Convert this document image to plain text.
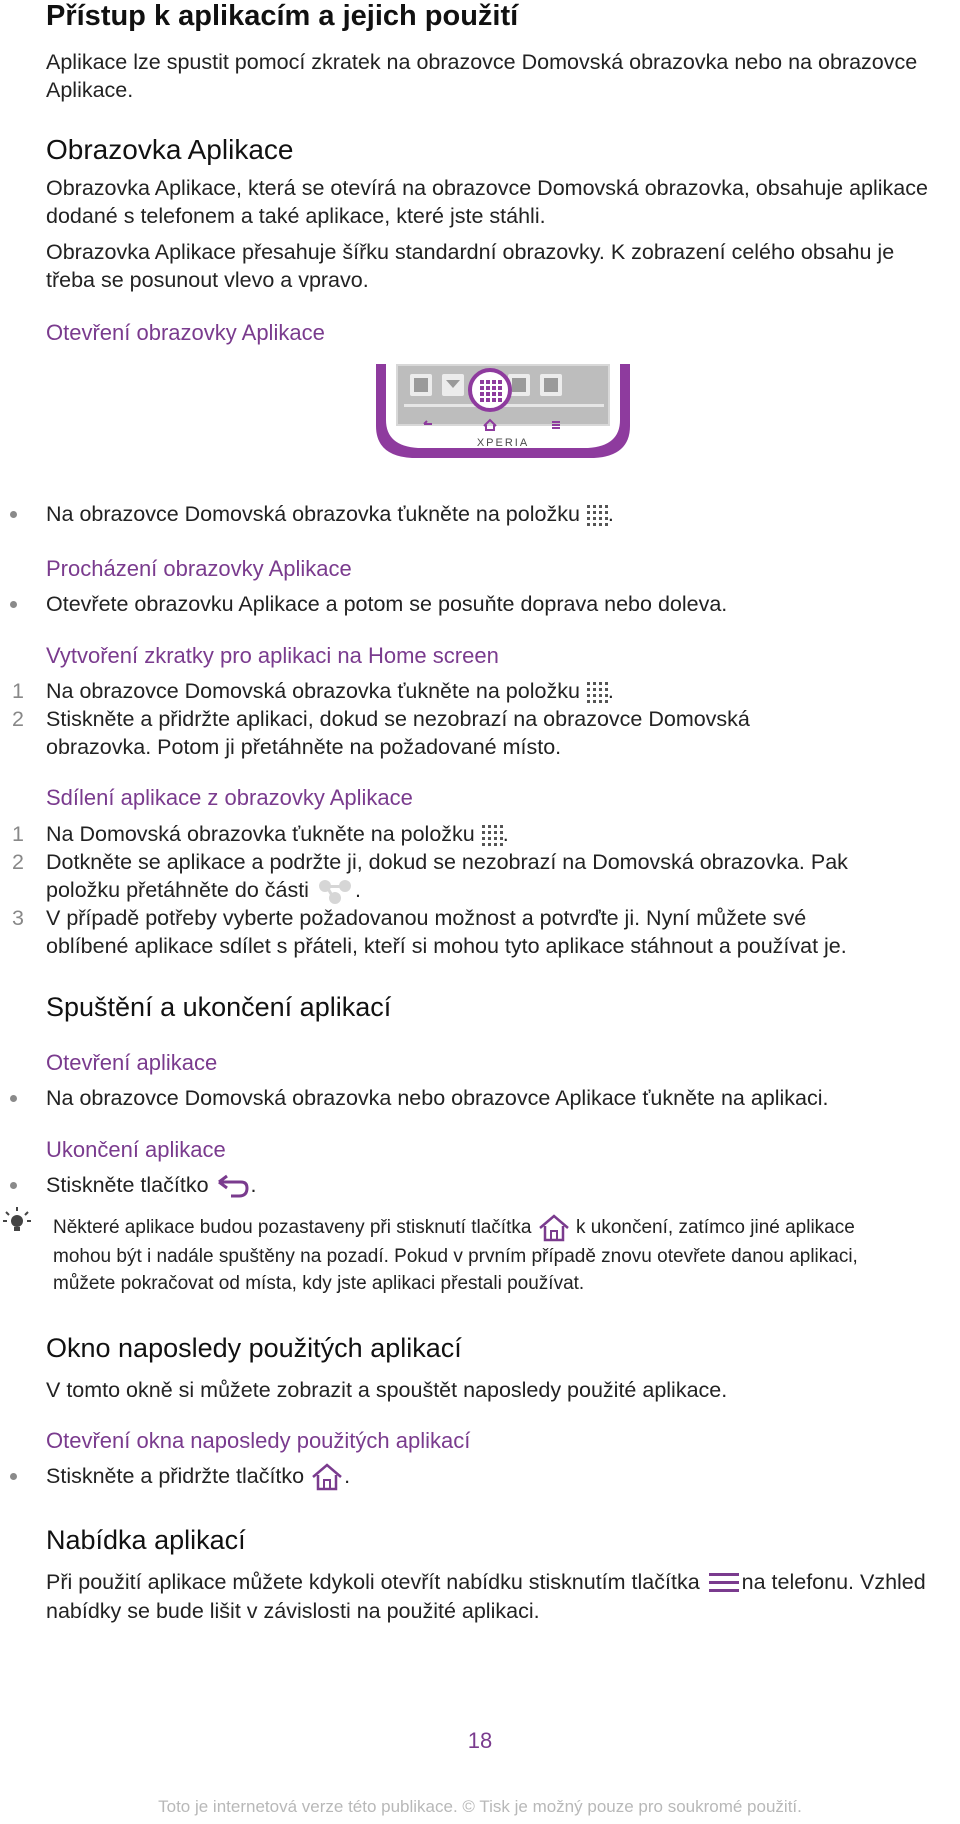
Přístup k aplikacím a jejich použití
Aplikace lze spustit pomocí zkratek na obrazovce Domovská obrazovka nebo na obrazovce Aplikace.
Obrazovka Aplikace
Obrazovka Aplikace, která se otevírá na obrazovce Domovská obrazovka, obsahuje aplikace dodané s telefonem a také aplikace, které jste stáhli.
Obrazovka Aplikace přesahuje šířku standardní obrazovky. K zobrazení celého obsahu je třeba se posunout vlevo a vpravo.
Otevření obrazovky Aplikace
XPERIA
Na obrazovce Domovská obrazovka ťukněte na položku .
Procházení obrazovky Aplikace
Otevřete obrazovku Aplikace a potom se posuňte doprava nebo doleva.
Vytvoření zkratky pro aplikaci na Home screen
1 Na obrazovce Domovská obrazovka ťukněte na položku .
2 Stiskněte a přidržte aplikaci, dokud se nezobrazí na obrazovce Domovská
obrazovka. Potom ji přetáhněte na požadované místo.
Sdílení aplikace z obrazovky Aplikace
1 Na Domovská obrazovka ťukněte na položku .
2 Dotkněte se aplikace a podržte ji, dokud se nezobrazí na Domovská obrazovka. Pak
položku přetáhněte do části .
3 V případě potřeby vyberte požadovanou možnost a potvrďte ji. Nyní můžete své
oblíbené aplikace sdílet s přáteli, kteří si mohou tyto aplikace stáhnout a používat je.
Spuštění a ukončení aplikací
Otevření aplikace
Na obrazovce Domovská obrazovka nebo obrazovce Aplikace ťukněte na aplikaci.
Ukončení aplikace
Stiskněte tlačítko .
Některé aplikace budou pozastaveny při stisknutí tlačítka k ukončení, zatímco jiné aplikace
mohou být i nadále spuštěny na pozadí. Pokud v prvním případě znovu otevřete danou aplikaci,
můžete pokračovat od místa, kdy jste aplikaci přestali používat.
Okno naposledy použitých aplikací
V tomto okně si můžete zobrazit a spouštět naposledy použité aplikace.
Otevření okna naposledy použitých aplikací
Stiskněte a přidržte tlačítko .
Nabídka aplikací
Při použití aplikace můžete kdykoli otevřít nabídku stisknutím tlačítka na telefonu. Vzhled
nabídky se bude lišit v závislosti na použité aplikaci.
18
Toto je internetová verze této publikace. © Tisk je možný pouze pro soukromé použití.
